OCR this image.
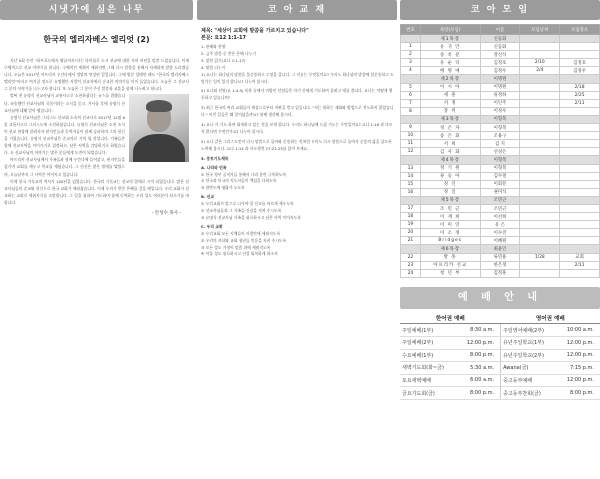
시냇가에 심은 나무
한국의 엘리자베스 엘리엇 (2)

지난 5회 동안 "하트포드에서 땅끝까지"라는 타이틀로 도시 선교에 대한 저의 비젼을 말씀 드렸습니다. 이제 구체적으로 선교 이야기를 합니다. 구체적인 계획이 세워지면 그때 다시 말씀을 통해서 자세하게 말씀 드리겠습니다. 오늘은 2017년 아프리카 우간다에서 정말의 연장된 일입니다. 그때 방문 할때만 해도 "한국의 엘리자베스 엘리엇"이라고 여겨질 정도로 유명했던 사람이 선교지에서 순교한 이야기를 이미 들었습니다. 오늘은 그 선교사 그 분의 이야기를 나누고자 합니다. 또 오늘은 그 분이 주신 말씀과 교훈을 함께 나누려고 합니다.

벌써 전 유명식 선교사님이 교통사고로 소천하셨다는 뉴스를 접했습니다. 파송했던 선교사님의 죽음이라는 소식을 듣고, 거사를 후에 유명식 선교사님에 대해 알아 봤습니다.

유명식 선교사님은 그리스도 산교회 소속의 선교사로 2017년 12월 6일 교통사고로 그리스도에 소천하셨습니다. 유명식 선교사님은 소천 소식이 선교 현장에 알려지자 현지인들과 동역자들이 함께 슬퍼하며 그의 헌신을 기렸습니다. 유명식 선교사님은 순교자로 기억 될 것입니다. 가족들은 함께 선교사역을 이어가기로 결정하고, 남은 사역을 감당하기로 하였습니다. 유 선교사님의 이야기는 많은 분들에게 도전이 되었습니다.

아프리카 선교사님께서 가족들과 함께 우간다에 들어갔고, 현지인들을 섬기며 교회를 세우고 학교를 세웠습니다. 그 헌신은 많은 열매를 맺었으며, 오늘날까지 그 사역은 이어지고 있습니다.

이제 한국 기독교의 역사가 100년을 넘었습니다. 한국의 기독교는 선교의 열매로 시작 되었습니다. 많은 선교사님들의 순교와 헌신으로 한국 교회가 세워졌습니다. 이제 우리가 받은 은혜를 갚을 때입니다. 우리 교회가 선교하는 교회로 세워지기를 소망합니다. 그 일을 위하여 기도하며 함께 동역하는 우리 성도 여러분이 되시기를 바랍니다.

- 안성수 목사 -
코 아 교 재
제목: "세상이 교회에 말씀을 가르치고 있습니다"
본문: 요12 1:1-17
1. 관해와 찬양
2. 금주 말씀 중 받은 은혜 나누기
3. 말씀 읽기(요나 1:1-17)
4. 말씀 나누기
1) 요나는 하나님의 말씀을 불순종하고 도망을 갑니다. 그 이유는 무엇일까요? 우리도 하나님의 말씀에 불순종하고 도망가는 일이 있지 않나요? 나누어 봅시다.
2) 요나와 선원(요 1:4-5) 폭풍 속에서 이방인 선원들은 자기 신에게 기도하며 살려고 애를 씁니다. 요나는 어떻게 행동하고 있습니까?
3) 최근 한국의 여러 교회들이 세상으로부터 비판을 받고 있습니다. "저는 원하는 재화와 방법으로 전도하지 않았습니다." 이런 일들은 왜 일어났을까요? 함께 생각해 봅시다.
4) 요나 가 기도 하며 회개하고 있는 것을 보게 됩니다. 우리도 하나님께 드릴 기도는 무엇일까요? 요나 1:16 과 다르지 않다면 무엇인가요? 나누어 봅시다.
5) 요나 같은 그리스도인이 다시 말씀으로 돌아와 순종하는 것처럼 우리도 다시 말씀으로 돌아가 순종의 삶을 살도록 노력해 봅시다. 요나 1:14 과 사도행전 27:23-25를 읽어 보세요.
5. 중보기도제목
A. 나라와 민족
① 한국 정부 공직자들 통해서 나라 혼란 극복하도록
② 한국과 미국의 지도자들이 책임을 다하도록
③ 한반도에 평화가 오도록
B. 선교
① 우리교회가 앞으로 나가야 할 선교를 바르게 세우도록
② 선교사님들과 그 가족들 건강을 지켜 주시도록
③ 유명식 선교사님 가족을 위로하시고 남은 사역 이어지도록
C. 우리 교회
① 우리교회 모든 지체들이 사랑안에 세워지도록
② 우리의 자녀와 교회 청년들 믿음을 지켜 주시도록
③ 모든 성도 가정이 말씀 위에 세워지도록
④ 아플 성도 위로하시고 건강 회복하게 하소서
코 아 모 임
번호	목장(모임)	이름	모임날짜	모임장소
	제1목장	신동화		
1	유 귀 안	신동화		
2	송 옥 분	강신석		
3	유 순 덕	김정호	2/10	김정호
4	배 명 애	김정우	2/4	김정우
	제2목장	이명원		
5	이 시 아	이명원		2/18
6	세 훈	류정하		2/25
7	서 정	이인주		2/11
8	장 미	이정우		
	제3목장	이형복		
9	정 은 자	이형복		
10	송 은 화	조용구		
11	서 희	김 지		
12	김 사 화	선성은		
	제4목장	이형복		
13	정 기 원	이형복		
14	류 승 아	김수철		
15	정 인	이회문		
16	정 일	권미석		
	제5목장	조민근		
17	조 민 근	조민근		
18	이 재 희	이선희		
19	이 미 연	유 은		
20	이 소 정	이수진		
21	Bridges	이혜원		
	제6목장	최윤인		
22	방 홍	류민용	1/28	교회
23	아프리카 선교	한은정		2/11
24	청 년 부	김정훈		
예 배 안 내
한어권 예배		영어권 예배	
주일예배(1부)	8:30 a.m.	주일영어예배(2부)	10:00 a.m.
주일예배(2부)	12:00 p.m.	유년주일학교(1부)	12:00 p.m.
수요예배(1부)	8:00 p.m.	유년주일학교(2부)	12:00 p.m.
새벽기도회(화~금)	5:30 a.m.	Awana(금)	7:15 p.m.
토요새벽예배	6:00 a.m.	중고등부예배	12:00 p.m.
금요기도회(금)	8:00 p.m.	중고등부찬회(금)	8:00 p.m.
